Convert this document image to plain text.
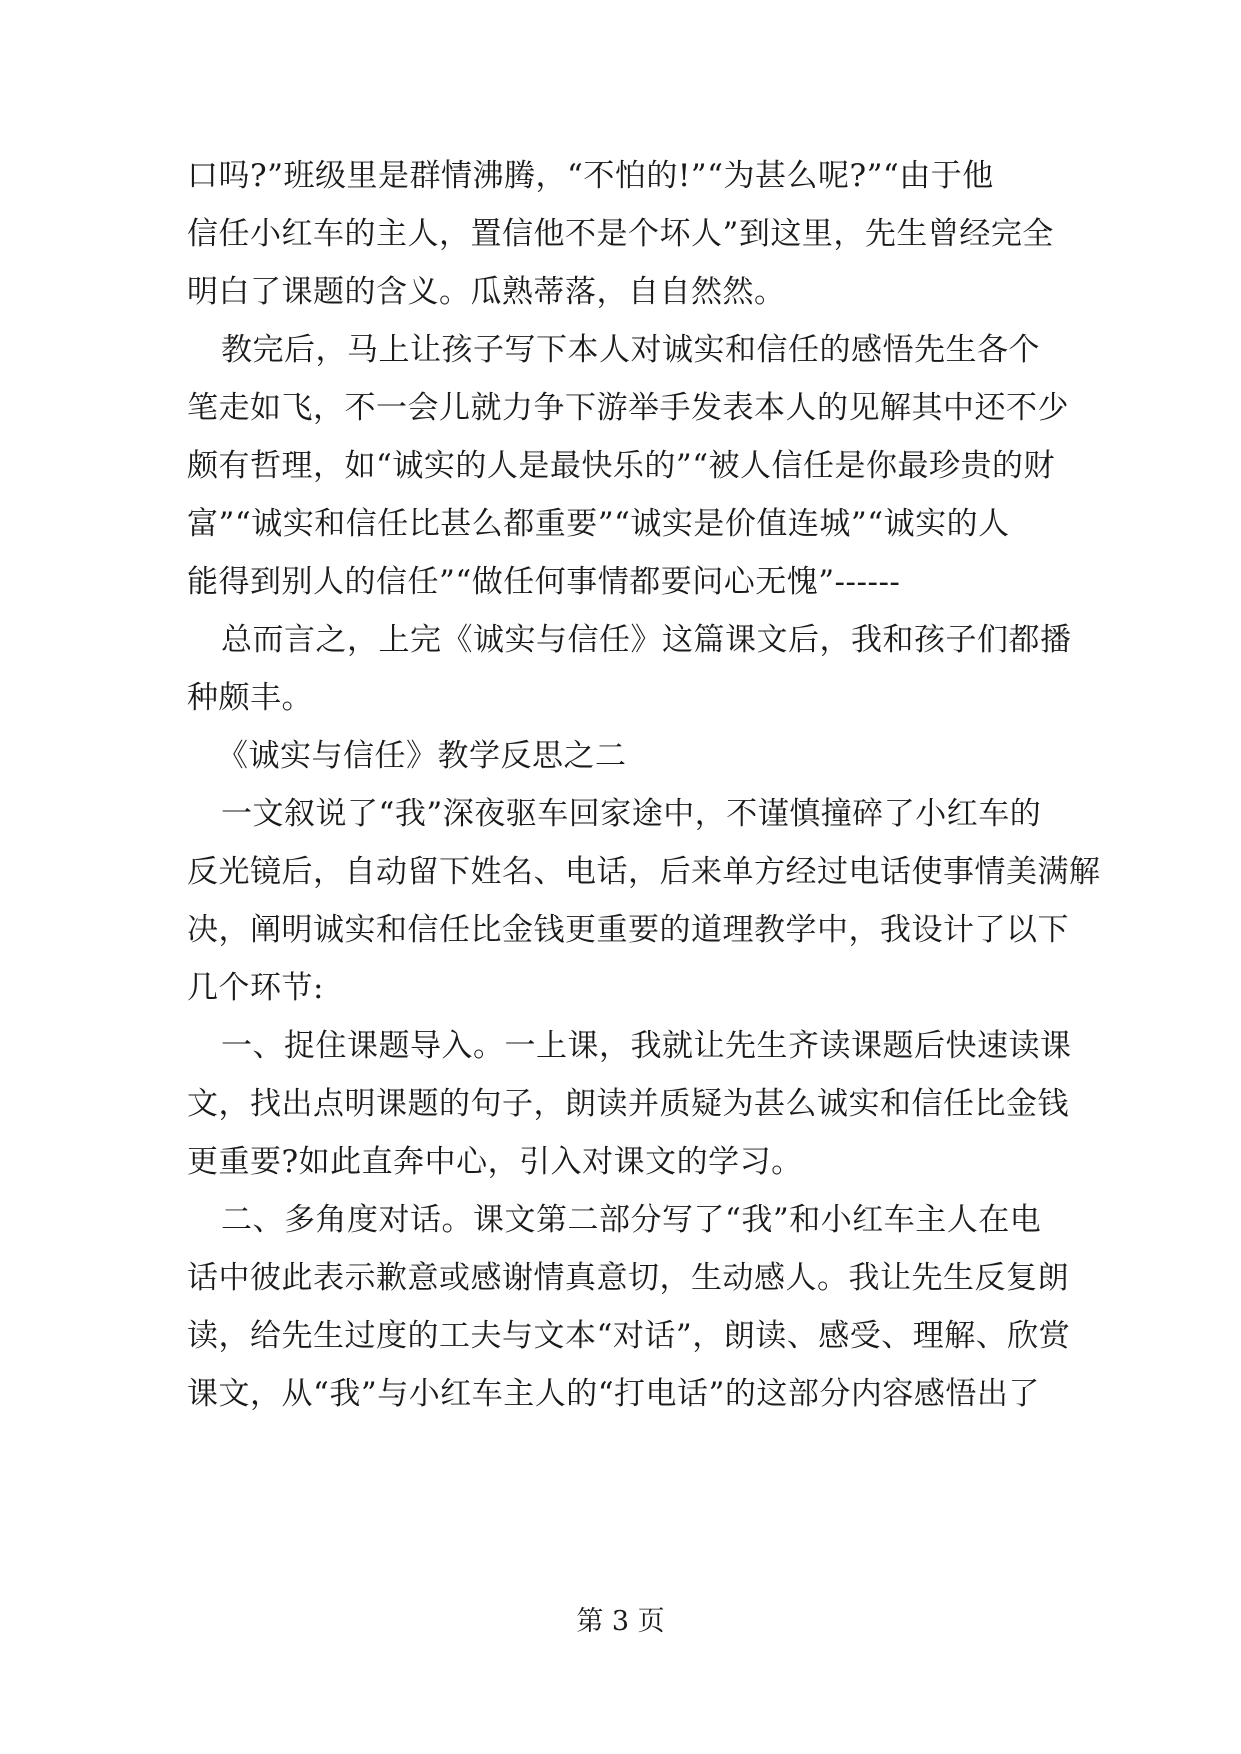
口吗?”班级里是群情沸腾，“不怕的!”“为甚么呢?”“由于他
信任小红车的主人，置信他不是个坏人”到这里，先生曾经完全
明白了课题的含义。瓜熟蒂落，自自然然。
教完后，马上让孩子写下本人对诚实和信任的感悟先生各个
笔走如飞，不一会儿就力争下游举手发表本人的见解其中还不少
颇有哲理，如“诚实的人是最快乐的”“被人信任是你最珍贵的财
富”“诚实和信任比甚么都重要”“诚实是价值连城”“诚实的人
能得到别人的信任”“做任何事情都要问心无愧”------
总而言之，上完《诚实与信任》这篇课文后，我和孩子们都播
种颇丰。
《诚实与信任》教学反思之二
一文叙说了“我”深夜驱车回家途中，不谨慎撞碎了小红车的
反光镜后，自动留下姓名、电话，后来单方经过电话使事情美满解
决，阐明诚实和信任比金钱更重要的道理教学中，我设计了以下
几个环节:
一、捉住课题导入。一上课，我就让先生齐读课题后快速读课
文，找出点明课题的句子，朗读并质疑为甚么诚实和信任比金钱
更重要?如此直奔中心，引入对课文的学习。
二、多角度对话。课文第二部分写了“我”和小红车主人在电
话中彼此表示歉意或感谢情真意切，生动感人。我让先生反复朗
读，给先生过度的工夫与文本“对话”，朗读、感受、理解、欣赏
课文，从“我”与小红车主人的“打电话”的这部分内容感悟出了
第 3 页
